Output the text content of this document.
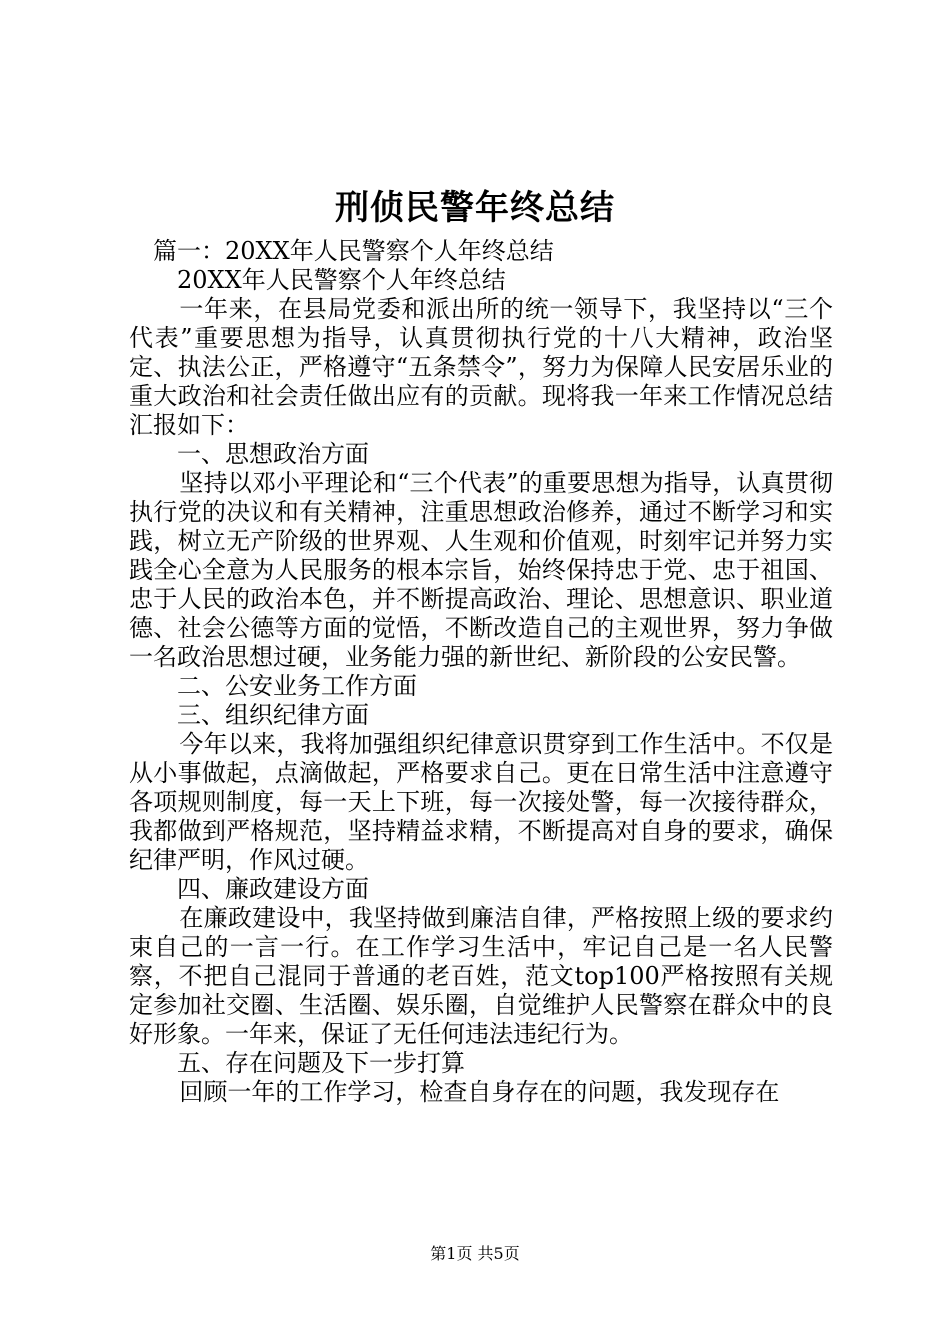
刑侦民警年终总结

篇一：20XX年人民警察个人年终总结

20XX年人民警察个人年终总结

一年来，在县局党委和派出所的统一领导下，我坚持以“三个代表”重要思想为指导，认真贯彻执行党的十八大精神，政治坚定、执法公正，严格遵守“五条禁令”，努力为保障人民安居乐业的重大政治和社会责任做出应有的贡献。现将我一年来工作情况总结汇报如下：

一、思想政治方面

坚持以邓小平理论和“三个代表”的重要思想为指导，认真贯彻执行党的决议和有关精神，注重思想政治修养，通过不断学习和实践，树立无产阶级的世界观、人生观和价值观，时刻牢记并努力实践全心全意为人民服务的根本宗旨，始终保持忠于党、忠于祖国、忠于人民的政治本色，并不断提高政治、理论、思想意识、职业道德、社会公德等方面的觉悟，不断改造自己的主观世界，努力争做一名政治思想过硬，业务能力强的新世纪、新阶段的公安民警。

二、公安业务工作方面

三、组织纪律方面

今年以来，我将加强组织纪律意识贯穿到工作生活中。不仅是从小事做起，点滴做起，严格要求自己。更在日常生活中注意遵守各项规则制度，每一天上下班，每一次接处警，每一次接待群众，我都做到严格规范，坚持精益求精，不断提高对自身的要求，确保纪律严明，作风过硬。

四、廉政建设方面

在廉政建设中，我坚持做到廉洁自律，严格按照上级的要求约束自己的一言一行。在工作学习生活中，牢记自己是一名人民警察，不把自己混同于普通的老百姓，范文top100严格按照有关规定参加社交圈、生活圈、娱乐圈，自觉维护人民警察在群众中的良好形象。一年来，保证了无任何违法违纪行为。

五、存在问题及下一步打算

回顾一年的工作学习，检查自身存在的问题，我发现存在

第1页 共5页
